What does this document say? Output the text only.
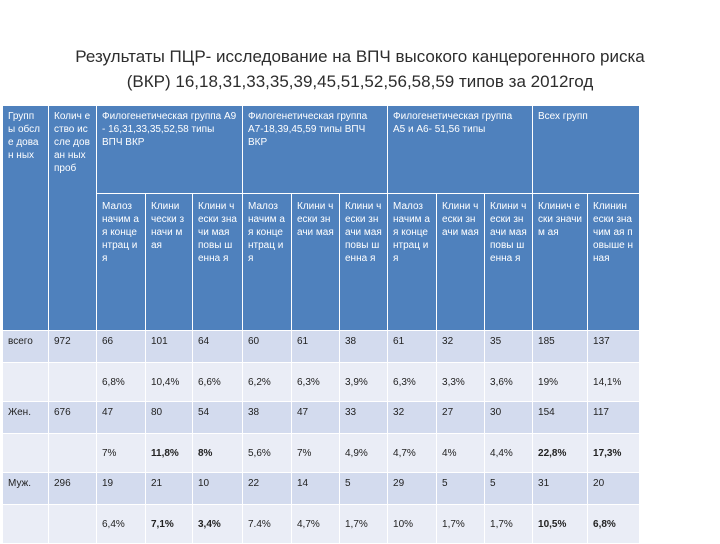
Результаты ПЦР- исследование на ВПЧ высокого канцерогенного риска
(ВКР) 16,18,31,33,35,39,45,51,52,56,58,59 типов за 2012год
Групп ы обсле дован ных	Колич ество иссле дован ных проб	Филогенетическая группа А9 - 16,31,33,35,52,58 типы ВПЧ ВКР			Филогенетическая группа А7-18,39,45,59 типы ВПЧ ВКР			Филогенетическая группа А5 и А6- 51,56 типы			Всех групп	
		Малоз начим ая конце нтрац ия	Клини чески значи мая	Клини чески значи мая повы шенна я	Малоз начим ая конце нтрац ия	Клини чески значи мая	Клини чески значи мая повы шенна я	Малоз начим ая конце нтрац ия	Клини чески значи мая	Клини чески значи мая повы шенна я	Клинич ески значим ая	Клинин ески значим ая повыше нная
всего	972	66	101	64	60	61	38	61	32	35	185	137
		6,8%	10,4%	6,6%	6,2%	6,3%	3,9%	6,3%	3,3%	3,6%	19%	14,1%
Жен.	676	47	80	54	38	47	33	32	27	30	154	117
		7%	11,8%	8%	5,6%	7%	4,9%	4,7%	4%	4,4%	22,8%	17,3%
Муж.	296	19	21	10	22	14	5	29	5	5	31	20
		6,4%	7,1%	3,4%	7.4%	4,7%	1,7%	10%	1,7%	1,7%	10,5%	6,8%
